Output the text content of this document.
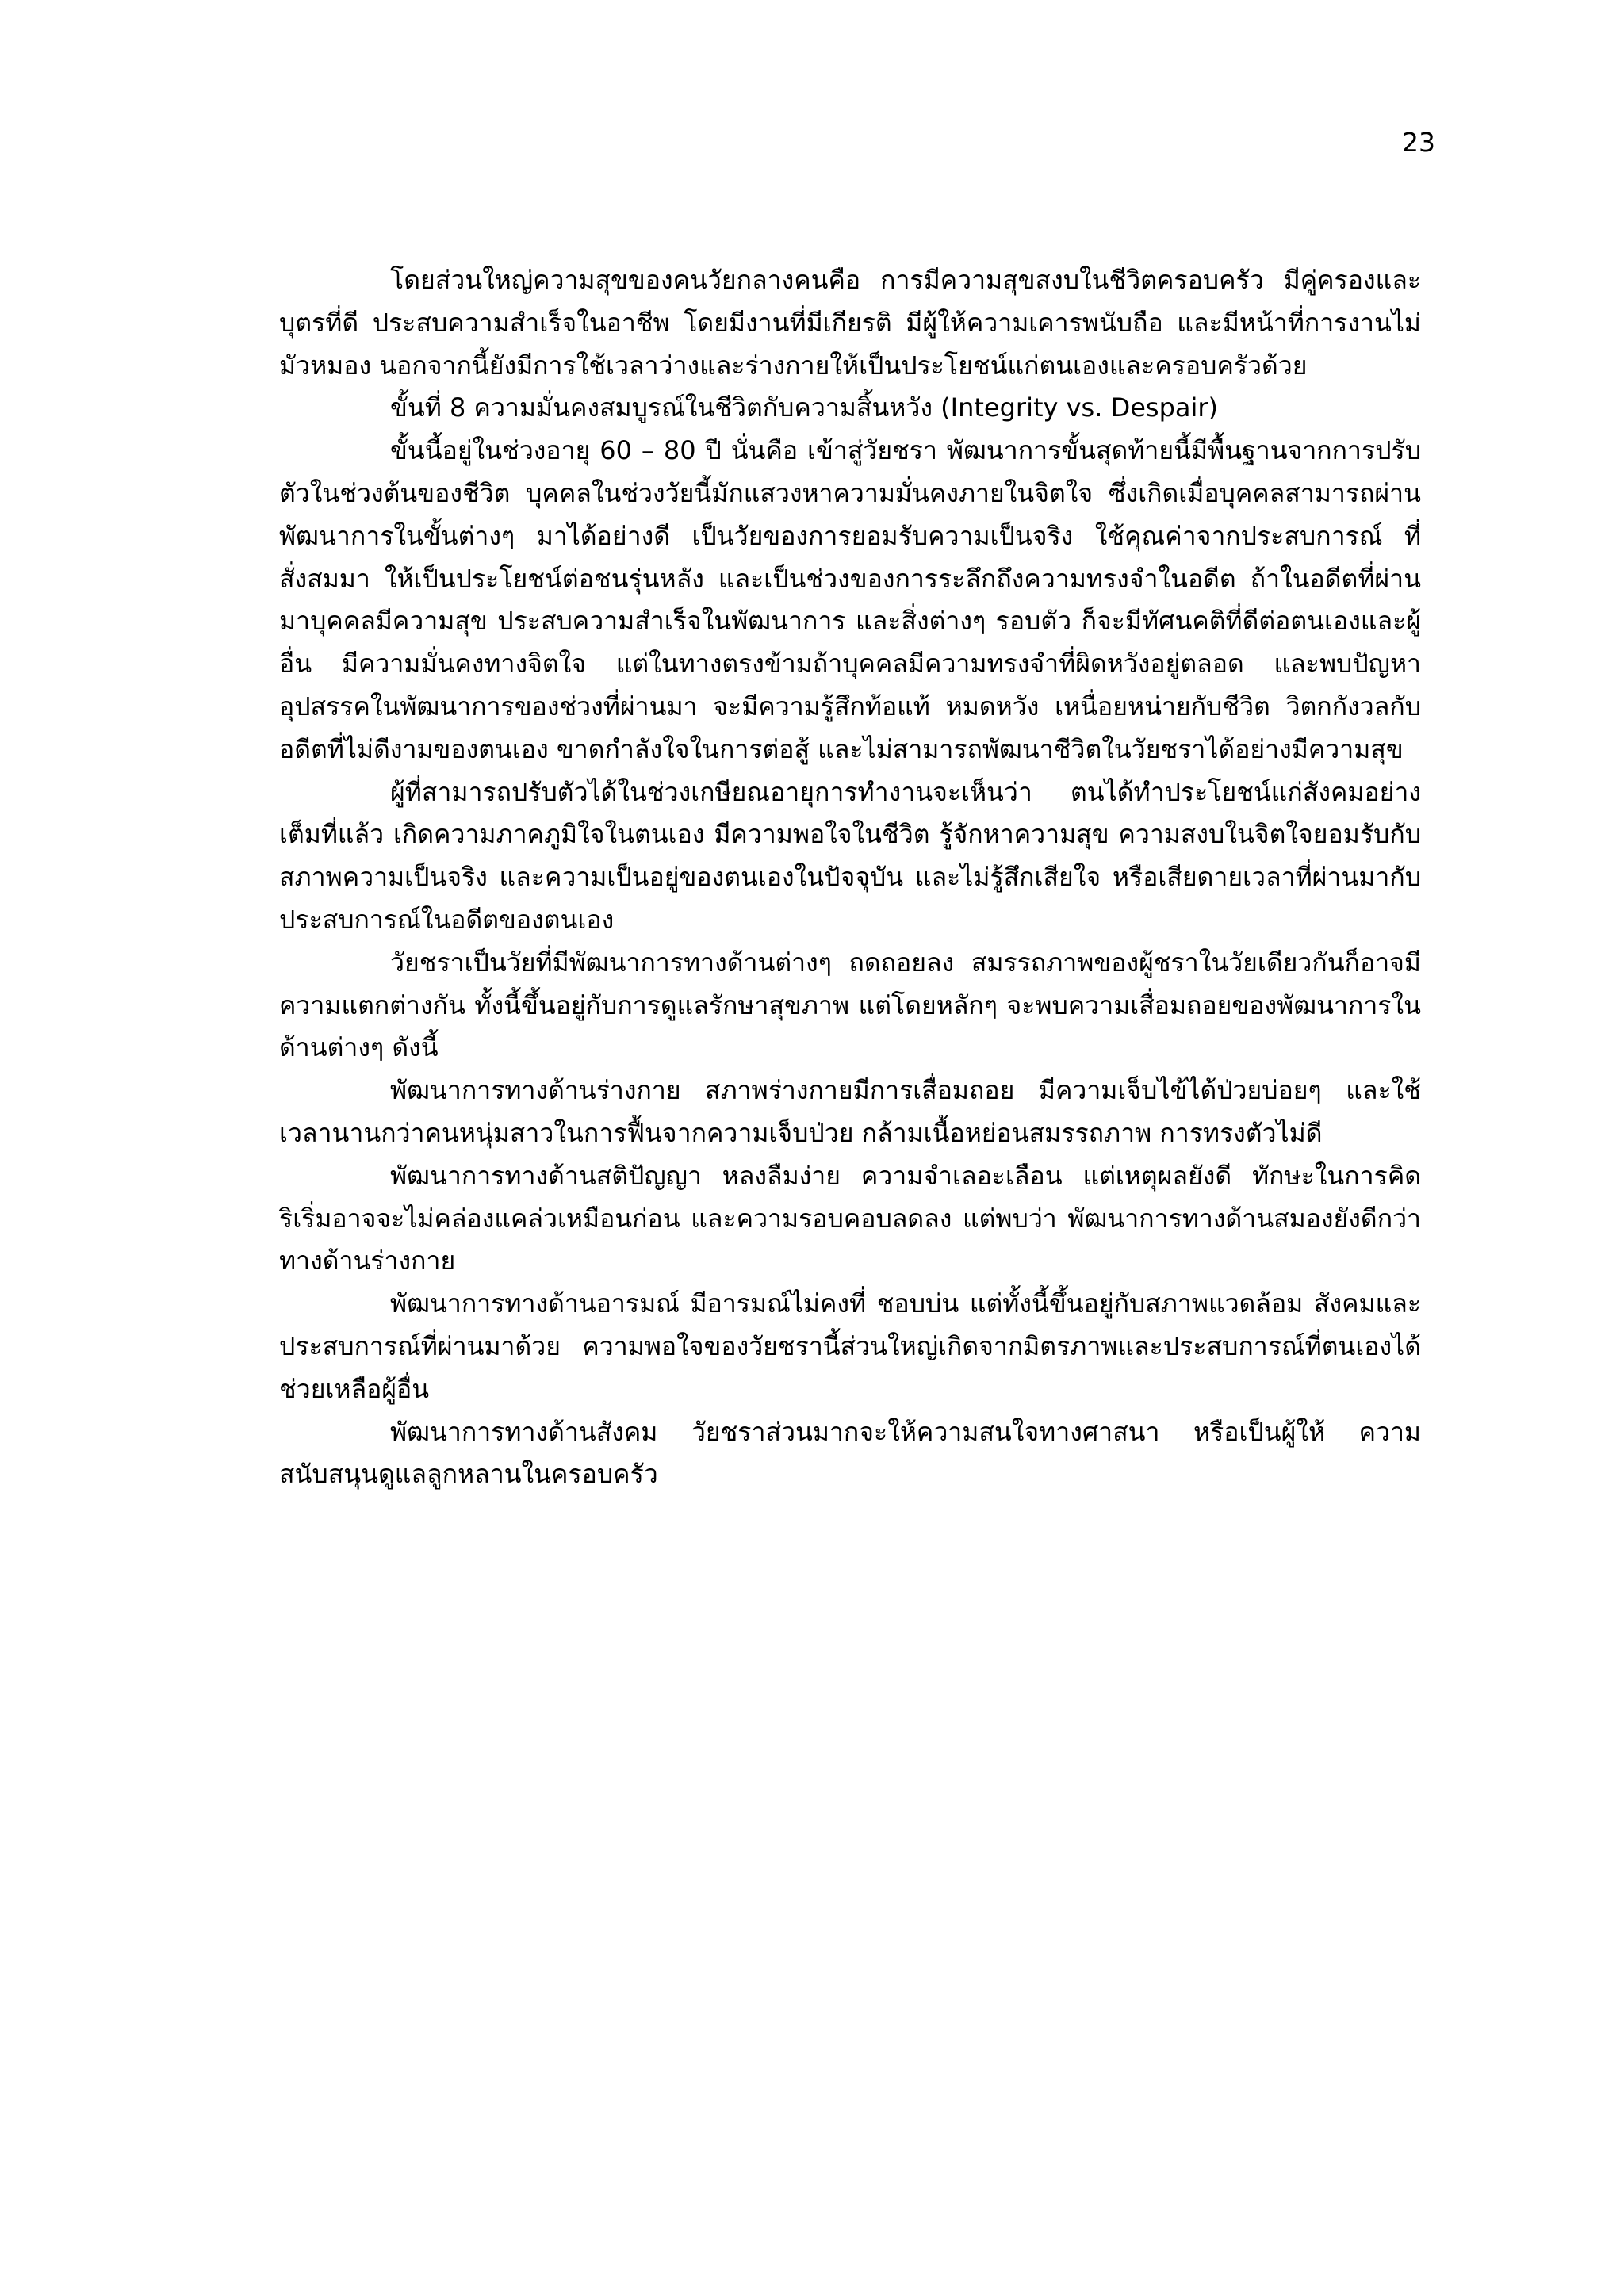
23

โดยส่วนใหญ่ความสุขของคนวัยกลางคนคือ การมีความสุขสงบในชีวิตครอบครัว มีคู่ครองและบุตรที่ดี ประสบความสำเร็จในอาชีพ โดยมีงานที่มีเกียรติ มีผู้ให้ความเคารพนับถือ และมีหน้าที่การงานไม่มัวหมอง นอกจากนี้ยังมีการใช้เวลาว่างและร่างกายให้เป็นประโยชน์แก่ตนเองและครอบครัวด้วย

ขั้นที่ 8 ความมั่นคงสมบูรณ์ในชีวิตกับความสิ้นหวัง (Integrity vs. Despair)

ขั้นนี้อยู่ในช่วงอายุ 60 – 80 ปี นั่นคือ เข้าสู่วัยชรา พัฒนาการขั้นสุดท้ายนี้มีพื้นฐานจากการปรับตัวในช่วงต้นของชีวิต บุคคลในช่วงวัยนี้มักแสวงหาความมั่นคงภายในจิตใจ ซึ่งเกิดเมื่อบุคคลสามารถผ่านพัฒนาการในขั้นต่างๆ มาได้อย่างดี เป็นวัยของการยอมรับความเป็นจริง ใช้คุณค่าจากประสบการณ์ ที่สั่งสมมา ให้เป็นประโยชน์ต่อชนรุ่นหลัง และเป็นช่วงของการระลึกถึงความทรงจำในอดีต ถ้าในอดีตที่ผ่านมาบุคคลมีความสุข ประสบความสำเร็จในพัฒนาการ และสิ่งต่างๆ รอบตัว ก็จะมีทัศนคติที่ดีต่อตนเองและผู้อื่น มีความมั่นคงทางจิตใจ แต่ในทางตรงข้ามถ้าบุคคลมีความทรงจำที่ผิดหวังอยู่ตลอด และพบปัญหาอุปสรรคในพัฒนาการของช่วงที่ผ่านมา จะมีความรู้สึกท้อแท้ หมดหวัง เหนื่อยหน่ายกับชีวิต วิตกกังวลกับอดีตที่ไม่ดีงามของตนเอง ขาดกำลังใจในการต่อสู้ และไม่สามารถพัฒนาชีวิตในวัยชราได้อย่างมีความสุข

ผู้ที่สามารถปรับตัวได้ในช่วงเกษียณอายุการทำงานจะเห็นว่า ตนได้ทำประโยชน์แก่สังคมอย่างเต็มที่แล้ว เกิดความภาคภูมิใจในตนเอง มีความพอใจในชีวิต รู้จักหาความสุข ความสงบในจิตใจยอมรับกับสภาพความเป็นจริง และความเป็นอยู่ของตนเองในปัจจุบัน และไม่รู้สึกเสียใจ หรือเสียดายเวลาที่ผ่านมากับ ประสบการณ์ในอดีตของตนเอง

วัยชราเป็นวัยที่มีพัฒนาการทางด้านต่างๆ ถดถอยลง สมรรถภาพของผู้ชราในวัยเดียวกันก็อาจมีความแตกต่างกัน ทั้งนี้ขึ้นอยู่กับการดูแลรักษาสุขภาพ แต่โดยหลักๆ จะพบความเสื่อมถอยของพัฒนาการในด้านต่างๆ ดังนี้

พัฒนาการทางด้านร่างกาย สภาพร่างกายมีการเสื่อมถอย มีความเจ็บไข้ได้ป่วยบ่อยๆ และใช้เวลานานกว่าคนหนุ่มสาวในการฟื้นจากความเจ็บป่วย กล้ามเนื้อหย่อนสมรรถภาพ การทรงตัวไม่ดี

พัฒนาการทางด้านสติปัญญา หลงลืมง่าย ความจำเลอะเลือน แต่เหตุผลยังดี ทักษะในการคิดริเริ่มอาจจะไม่คล่องแคล่วเหมือนก่อน และความรอบคอบลดลง แต่พบว่า พัฒนาการทางด้านสมองยังดีกว่าทางด้านร่างกาย

พัฒนาการทางด้านอารมณ์ มีอารมณ์ไม่คงที่ ชอบบ่น แต่ทั้งนี้ขึ้นอยู่กับสภาพแวดล้อม สังคมและประสบการณ์ที่ผ่านมาด้วย ความพอใจของวัยชรานี้ส่วนใหญ่เกิดจากมิตรภาพและประสบการณ์ที่ตนเองได้ช่วยเหลือผู้อื่น

พัฒนาการทางด้านสังคม วัยชราส่วนมากจะให้ความสนใจทางศาสนา หรือเป็นผู้ให้ ความสนับสนุนดูแลลูกหลานในครอบครัว
